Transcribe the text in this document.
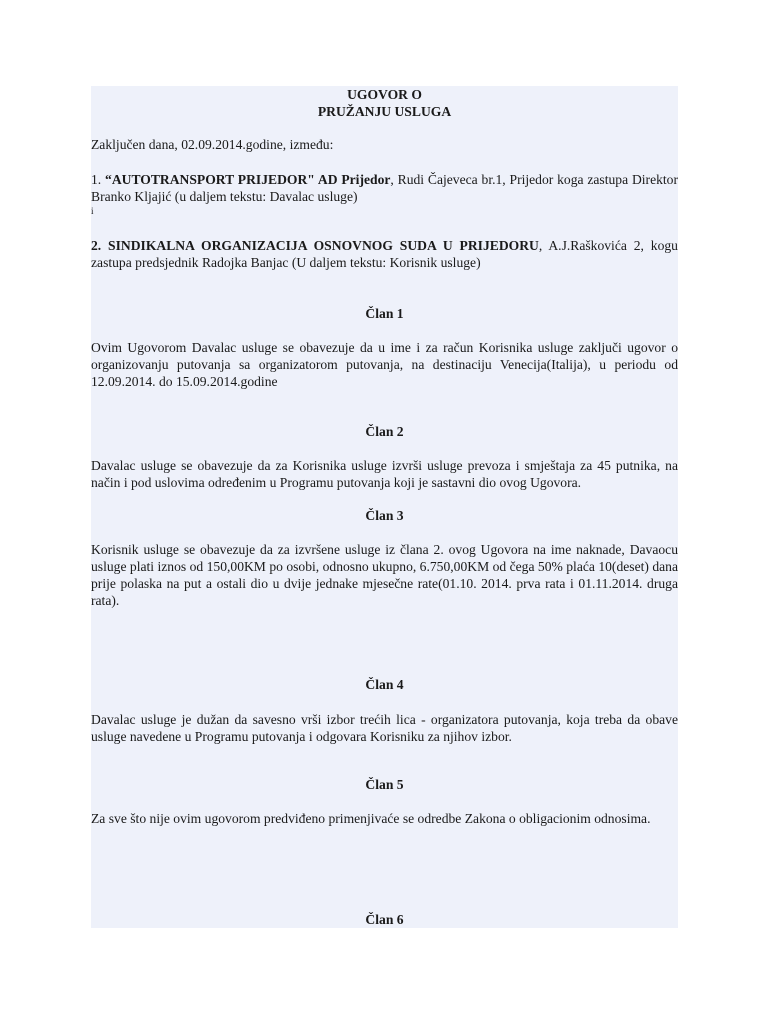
UGOVOR O
PRUŽANJU USLUGA
Zaključen dana, 02.09.2014.godine, između:
1. “AUTOTRANSPORT PRIJEDOR" AD Prijedor, Rudi Čajeveca br.1, Prijedor koga zastupa Direktor Branko Kljajić (u daljem tekstu: Davalac usluge)
i
2. SINDIKALNA ORGANIZACIJA OSNOVNOG SUDA U PRIJEDORU, A.J.Raškovića 2, kogu zastupa predsjednik Radojka Banjac (U daljem tekstu: Korisnik usluge)
Član 1
Ovim Ugovorom Davalac usluge se obavezuje da u ime i za račun Korisnika usluge zaključi ugovor o organizovanju putovanja sa organizatorom putovanja, na destinaciju Venecija(Italija), u periodu od 12.09.2014. do 15.09.2014.godine
Član 2
Davalac usluge se obavezuje da za Korisnika usluge izvrši usluge prevoza i smještaja za 45 putnika, na način i pod uslovima određenim u Programu putovanja koji je sastavni dio ovog Ugovora.
Član 3
Korisnik usluge se obavezuje da za izvršene usluge iz člana 2. ovog Ugovora na ime naknade, Davaocu usluge plati iznos od 150,00KM po osobi, odnosno ukupno, 6.750,00KM od čega 50% plaća 10(deset) dana prije polaska na put a ostali dio u dvije jednake mjesečne rate(01.10. 2014. prva rata i 01.11.2014. druga rata).
Član 4
Davalac usluge je dužan da savesno vrši izbor trećih lica - organizatora putovanja, koja treba da obave usluge navedene u Programu putovanja i odgovara Korisniku za njihov izbor.
Član 5
Za sve što nije ovim ugovorom predviđeno primenjivaće se odredbe Zakona o obligacionim odnosima.
Član 6
